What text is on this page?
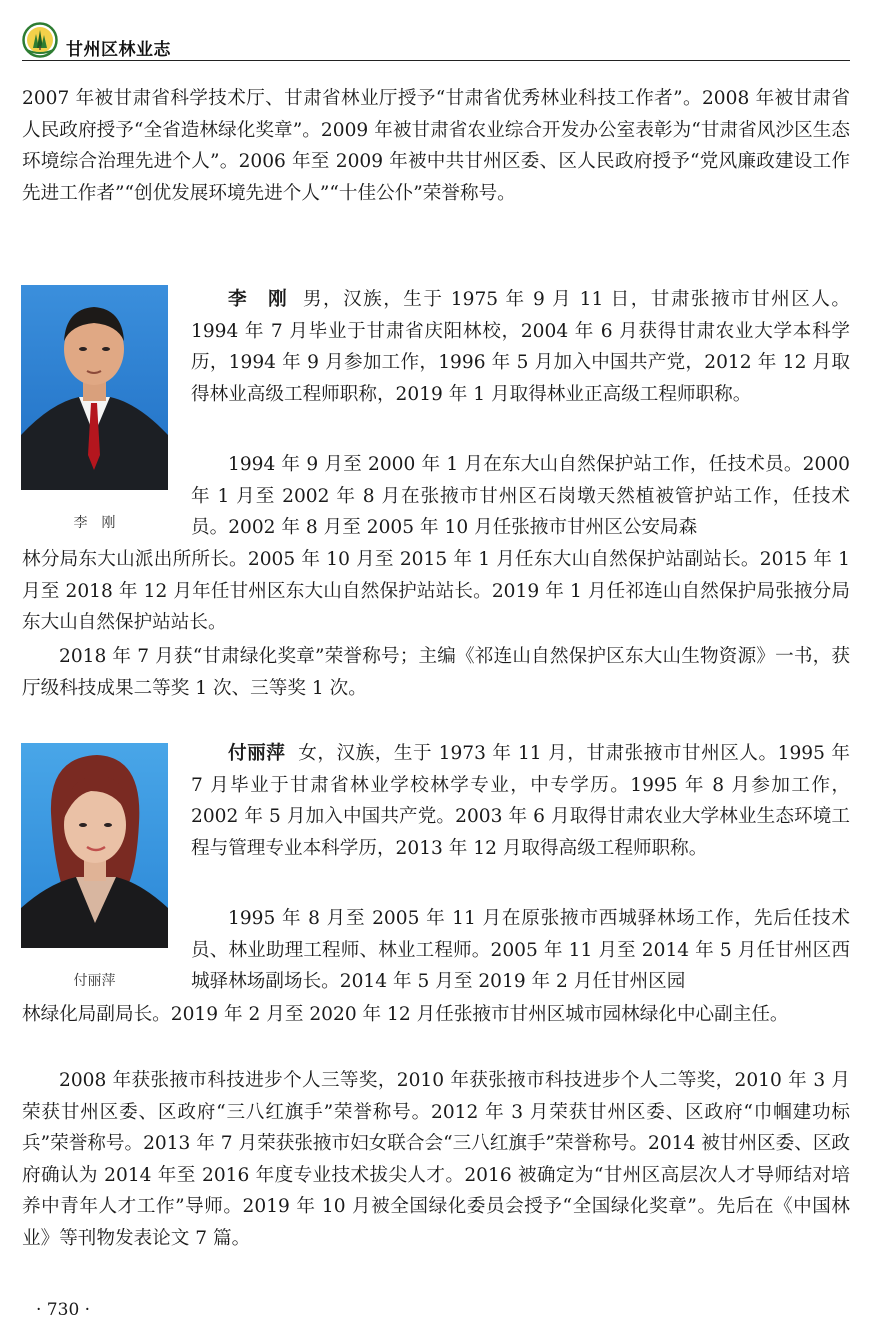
甘州区林业志

2007 年被甘肃省科学技术厅、甘肃省林业厅授予“甘肃省优秀林业科技工作者”。2008 年被甘肃省人民政府授予“全省造林绿化奖章”。2009 年被甘肃省农业综合开发办公室表彰为“甘肃省风沙区生态环境综合治理先进个人”。2006 年至 2009 年被中共甘州区委、区人民政府授予“党风廉政建设工作先进工作者”“创优发展环境先进个人”“十佳公仆”荣誉称号。

李　刚

李　刚 男，汉族，生于 1975 年 9 月 11 日，甘肃张掖市甘州区人。1994 年 7 月毕业于甘肃省庆阳林校，2004 年 6 月获得甘肃农业大学本科学历，1994 年 9 月参加工作，1996 年 5 月加入中国共产党，2012 年 12 月取得林业高级工程师职称，2019 年 1 月取得林业正高级工程师职称。

1994 年 9 月至 2000 年 1 月在东大山自然保护站工作，任技术员。2000 年 1 月至 2002 年 8 月在张掖市甘州区石岗墩天然植被管护站工作，任技术员。2002 年 8 月至 2005 年 10 月任张掖市甘州区公安局森

林分局东大山派出所所长。2005 年 10 月至 2015 年 1 月任东大山自然保护站副站长。2015 年 1 月至 2018 年 12 月年任甘州区东大山自然保护站站长。2019 年 1 月任祁连山自然保护局张掖分局东大山自然保护站站长。

2018 年 7 月获“甘肃绿化奖章”荣誉称号；主编《祁连山自然保护区东大山生物资源》一书，获厅级科技成果二等奖 1 次、三等奖 1 次。

付丽萍

付丽萍 女，汉族，生于 1973 年 11 月，甘肃张掖市甘州区人。1995 年 7 月毕业于甘肃省林业学校林学专业，中专学历。1995 年 8 月参加工作，2002 年 5 月加入中国共产党。2003 年 6 月取得甘肃农业大学林业生态环境工程与管理专业本科学历，2013 年 12 月取得高级工程师职称。

1995 年 8 月至 2005 年 11 月在原张掖市西城驿林场工作，先后任技术员、林业助理工程师、林业工程师。2005 年 11 月至 2014 年 5 月任甘州区西城驿林场副场长。2014 年 5 月至 2019 年 2 月任甘州区园

林绿化局副局长。2019 年 2 月至 2020 年 12 月任张掖市甘州区城市园林绿化中心副主任。

2008 年获张掖市科技进步个人三等奖，2010 年获张掖市科技进步个人二等奖，2010 年 3 月荣获甘州区委、区政府“三八红旗手”荣誉称号。2012 年 3 月荣获甘州区委、区政府“巾帼建功标兵”荣誉称号。2013 年 7 月荣获张掖市妇女联合会“三八红旗手”荣誉称号。2014 被甘州区委、区政府确认为 2014 年至 2016 年度专业技术拔尖人才。2016 被确定为“甘州区高层次人才导师结对培养中青年人才工作”导师。2019 年 10 月被全国绿化委员会授予“全国绿化奖章”。先后在《中国林业》等刊物发表论文 7 篇。

· 730 ·
